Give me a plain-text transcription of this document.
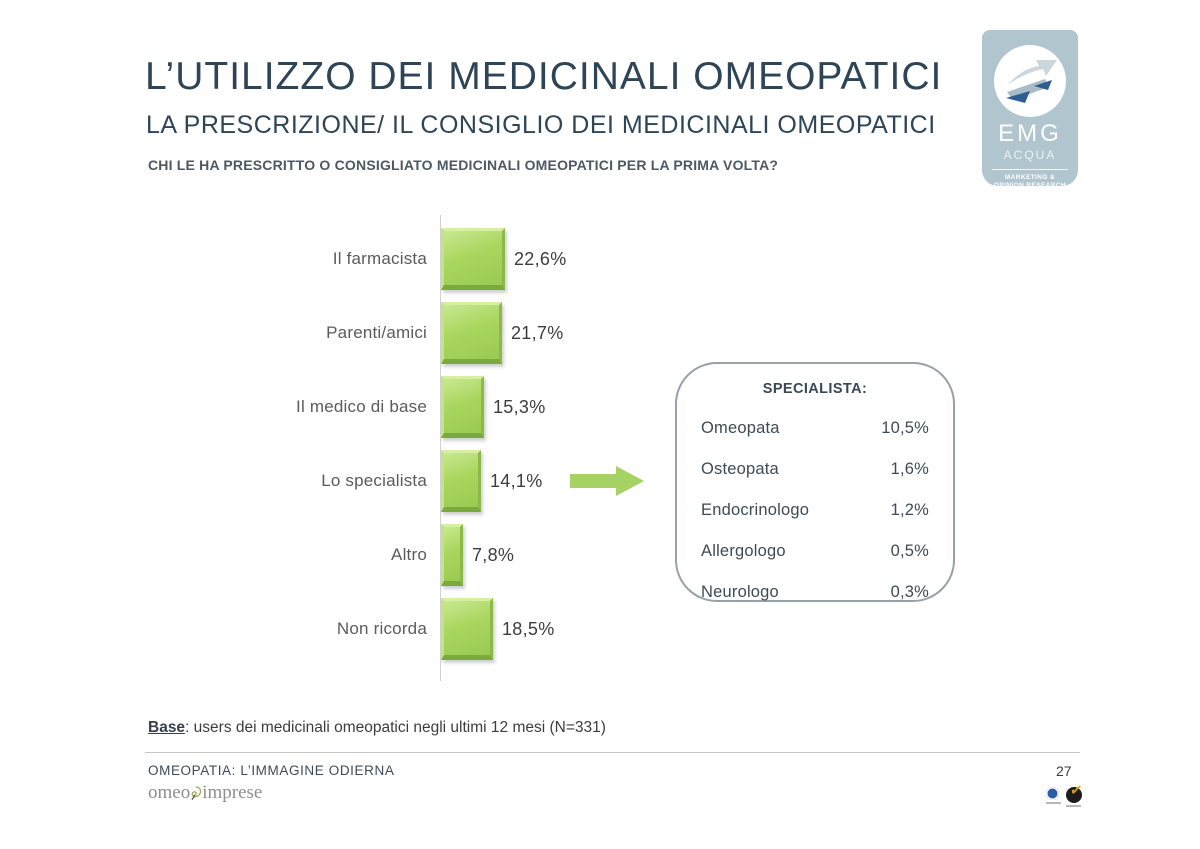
L’UTILIZZO DEI MEDICINALI OMEOPATICI
LA PRESCRIZIONE/ IL CONSIGLIO DEI MEDICINALI OMEOPATICI
CHI LE HA PRESCRITTO O CONSIGLIATO MEDICINALI OMEOPATICI PER LA PRIMA VOLTA?
EMG
ACQUA
MARKETING &
OPINION RESEARCH
Il farmacista	22,6%
Parenti/amici	21,7%
Il medico di base	15,3%
Lo specialista	14,1%
Altro	7,8%
Non ricorda	18,5%
SPECIALISTA:
Omeopata	10,5%
Osteopata	1,6%
Endocrinologo	1,2%
Allergologo	0,5%
Neurologo	0,3%
Base: users dei medicinali omeopatici negli ultimi 12 mesi (N=331)
OMEOPATIA: L’IMMAGINE ODIERNA
omeo imprese
27
✓
